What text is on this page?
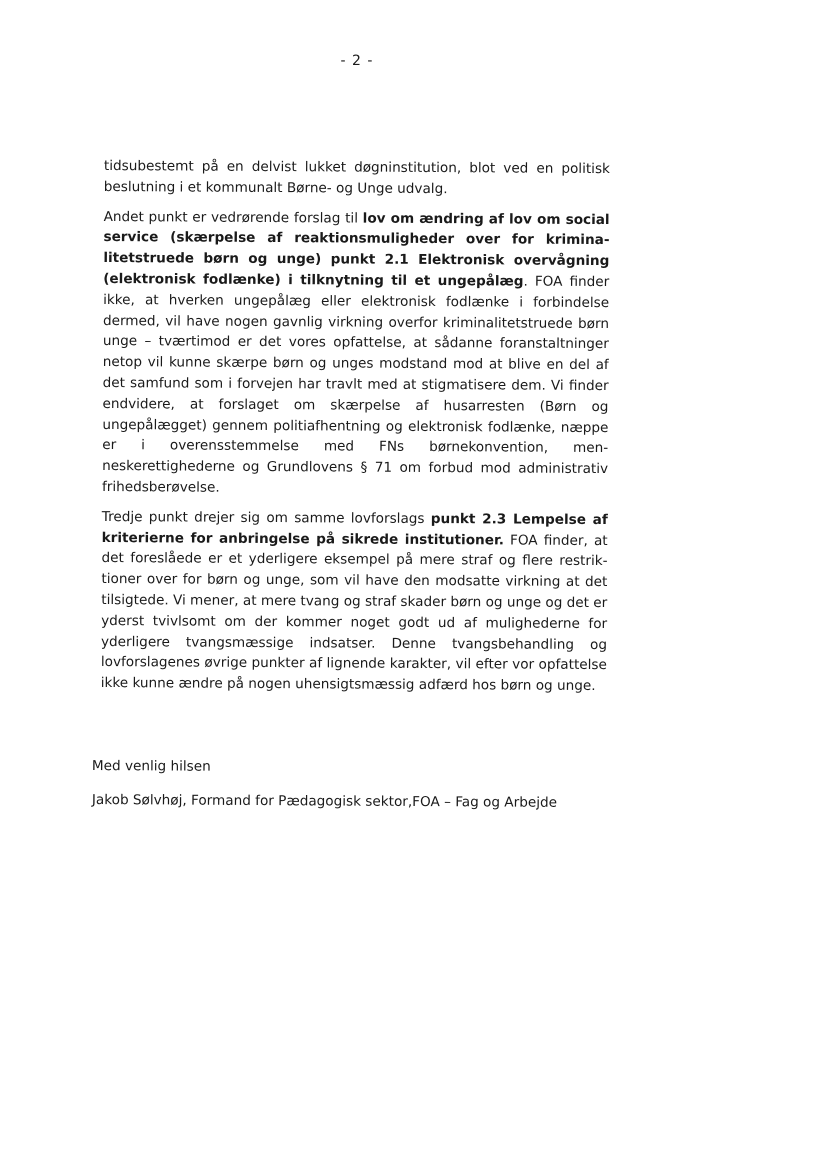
- 2 -

tidsubestemt på en delvist lukket døgninstitution, blot ved en politisk beslutning i et kommunalt Børne- og Unge udvalg.

Andet punkt er vedrørende forslag til lov om ændring af lov om social service (skærpelse af reaktionsmuligheder over for kriminalitetstruede børn og unge) punkt 2.1 Elektronisk overvågning (elektronisk fodlænke) i tilknytning til et ungepålæg. FOA finder ikke, at hverken ungepålæg eller elektronisk fodlænke i forbindelse dermed, vil have nogen gavnlig virkning overfor kriminalitetstruede børn unge – tværtimod er det vores opfattelse, at sådanne foranstaltninger netop vil kunne skærpe børn og unges modstand mod at blive en del af det samfund som i forvejen har travlt med at stigmatisere dem. Vi finder endvidere, at forslaget om skærpelse af husarresten (Børn og ungepålægget) gennem politiafhentning og elektronisk fodlænke, næppe er i overensstemmelse med FNs børnekonvention, menneskerettighederne og Grundlovens § 71 om forbud mod administrativ frihedsberøvelse.

Tredje punkt drejer sig om samme lovforslags punkt 2.3 Lempelse af kriterierne for anbringelse på sikrede institutioner. FOA finder, at det foreslåede er et yderligere eksempel på mere straf og flere restriktioner over for børn og unge, som vil have den modsatte virkning at det tilsigtede. Vi mener, at mere tvang og straf skader børn og unge og det er yderst tvivlsomt om der kommer noget godt ud af mulighederne for yderligere tvangsmæssige indsatser. Denne tvangsbehandling og lovforslagenes øvrige punkter af lignende karakter, vil efter vor opfattelse ikke kunne ændre på nogen uhensigtsmæssig adfærd hos børn og unge.

Med venlig hilsen
Jakob Sølvhøj, Formand for Pædagogisk sektor,FOA – Fag og Arbejde
